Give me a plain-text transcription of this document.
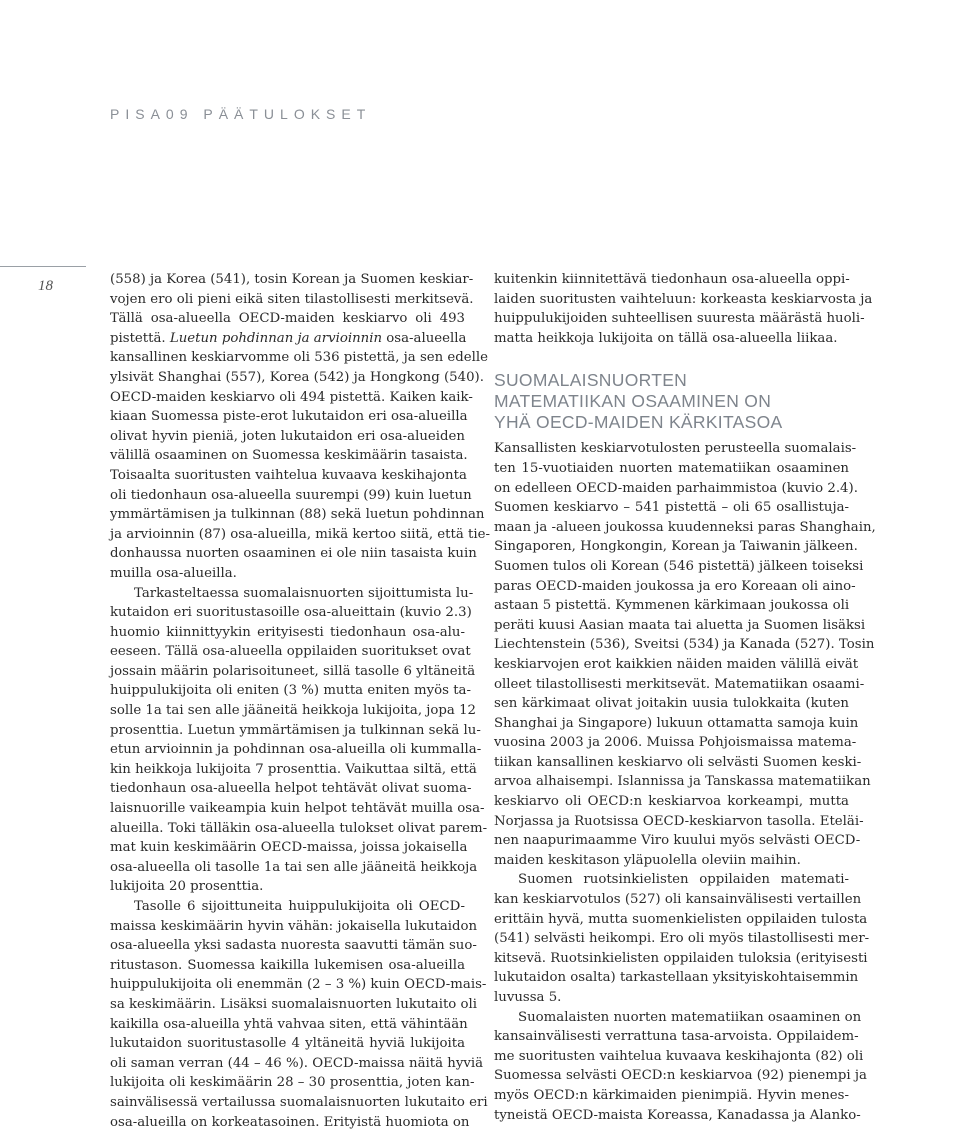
PISA09 PÄÄTULOKSET
18	(558) ja Korea (541), tosin Korean ja Suomen keskiar-

vojen ero oli pieni eikä siten tilastollisesti merkitsevä.

Tällä osa-alueella OECD-maiden keskiarvo oli 493

pistettä. Luetun pohdinnan ja arvioinnin osa-alueella

kansallinen keskiarvomme oli 536 pistettä, ja sen edelle

ylsivät Shanghai (557), Korea (542) ja Hongkong (540).

OECD-maiden keskiarvo oli 494 pistettä. Kaiken kaik-

kiaan Suomessa piste-erot lukutaidon eri osa-alueilla

olivat hyvin pieniä, joten lukutaidon eri osa-alueiden

välillä osaaminen on Suomessa keskimäärin tasaista.

Toisaalta suoritusten vaihtelua kuvaava keskihajonta

oli tiedonhaun osa-alueella suurempi (99) kuin luetun

ymmärtämisen ja tulkinnan (88) sekä luetun pohdinnan

ja arvioinnin (87) osa-alueilla, mikä kertoo siitä, että tie-

donhaussa nuorten osaaminen ei ole niin tasaista kuin

muilla osa-alueilla.

Tarkasteltaessa suomalaisnuorten sijoittumista lu-

kutaidon eri suoritustasoille osa-alueittain (kuvio 2.3)

huomio kiinnittyykin erityisesti tiedonhaun osa-alu-

eeseen. Tällä osa-alueella oppilaiden suoritukset ovat

jossain määrin polarisoituneet, sillä tasolle 6 yltäneitä

huippulukijoita oli eniten (3 %) mutta eniten myös ta-

solle 1a tai sen alle jääneitä heikkoja lukijoita, jopa 12

prosenttia. Luetun ymmärtämisen ja tulkinnan sekä lu-

etun arvioinnin ja pohdinnan osa-alueilla oli kummalla-

kin heikkoja lukijoita 7 prosenttia. Vaikuttaa siltä, että

tiedonhaun osa-alueella helpot tehtävät olivat suoma-

laisnuorille vaikeampia kuin helpot tehtävät muilla osa-

alueilla. Toki tälläkin osa-alueella tulokset olivat parem-

mat kuin keskimäärin OECD-maissa, joissa jokaisella

osa-alueella oli tasolle 1a tai sen alle jääneitä heikkoja

lukijoita 20 prosenttia.

Tasolle 6 sijoittuneita huippulukijoita oli OECD-

maissa keskimäärin hyvin vähän: jokaisella lukutaidon

osa-alueella yksi sadasta nuoresta saavutti tämän suo-

ritustason. Suomessa kaikilla lukemisen osa-alueilla

huippulukijoita oli enemmän (2 – 3 %) kuin OECD-mais-

sa keskimäärin. Lisäksi suomalaisnuorten lukutaito oli

kaikilla osa-alueilla yhtä vahvaa siten, että vähintään

lukutaidon suoritustasolle 4 yltäneitä hyviä lukijoita

oli saman verran (44 – 46 %). OECD-maissa näitä hyviä

lukijoita oli keskimäärin 28 – 30 prosenttia, joten kan-

sainvälisessä vertailussa suomalaisnuorten lukutaito eri

osa-alueilla on korkeatasoinen. Erityistä huomiota on

kuitenkin kiinnitettävä tiedonhaun osa-alueella oppi-

laiden suoritusten vaihteluun: korkeasta keskiarvosta ja

huippulukijoiden suhteellisen suuresta määrästä huoli-

matta heikkoja lukijoita on tällä osa-alueella liikaa.

SUOMALAISNUORTEN
MATEMATIIKAN OSAAMINEN ON
YHÄ OECD-MAIDEN KÄRKITASOA

Kansallisten keskiarvotulosten perusteella suomalais-

ten 15-vuotiaiden nuorten matematiikan osaaminen

on edelleen OECD-maiden parhaimmistoa (kuvio 2.4).

Suomen keskiarvo – 541 pistettä – oli 65 osallistuja-

maan ja -alueen joukossa kuudenneksi paras Shanghain,

Singaporen, Hongkongin, Korean ja Taiwanin jälkeen.

Suomen tulos oli Korean (546 pistettä) jälkeen toiseksi

paras OECD-maiden joukossa ja ero Koreaan oli aino-

astaan 5 pistettä. Kymmenen kärkimaan joukossa oli

peräti kuusi Aasian maata tai aluetta ja Suomen lisäksi

Liechtenstein (536), Sveitsi (534) ja Kanada (527). Tosin

keskiarvojen erot kaikkien näiden maiden välillä eivät

olleet tilastollisesti merkitsevät. Matematiikan osaami-

sen kärkimaat olivat joitakin uusia tulokkaita (kuten

Shanghai ja Singapore) lukuun ottamatta samoja kuin

vuosina 2003 ja 2006. Muissa Pohjoismaissa matema-

tiikan kansallinen keskiarvo oli selvästi Suomen keski-

arvoa alhaisempi. Islannissa ja Tanskassa matematiikan

keskiarvo oli OECD:n keskiarvoa korkeampi, mutta

Norjassa ja Ruotsissa OECD-keskiarvon tasolla. Eteläi-

nen naapurimaamme Viro kuului myös selvästi OECD-

maiden keskitason yläpuolella oleviin maihin.

Suomen ruotsinkielisten oppilaiden matemati-

kan keskiarvotulos (527) oli kansainvälisesti vertaillen

erittäin hyvä, mutta suomenkielisten oppilaiden tulosta

(541) selvästi heikompi. Ero oli myös tilastollisesti mer-

kitsevä. Ruotsinkielisten oppilaiden tuloksia (erityisesti

lukutaidon osalta) tarkastellaan yksityiskohtaisemmin

luvussa 5.

Suomalaisten nuorten matematiikan osaaminen on

kansainvälisesti verrattuna tasa-arvoista. Oppilaidem-

me suoritusten vaihtelua kuvaava keskihajonta (82) oli

Suomessa selvästi OECD:n keskiarvoa (92) pienempi ja

myös OECD:n kärkimaiden pienimpiä. Hyvin menes-

tyneistä OECD-maista Koreassa, Kanadassa ja Alanko-
